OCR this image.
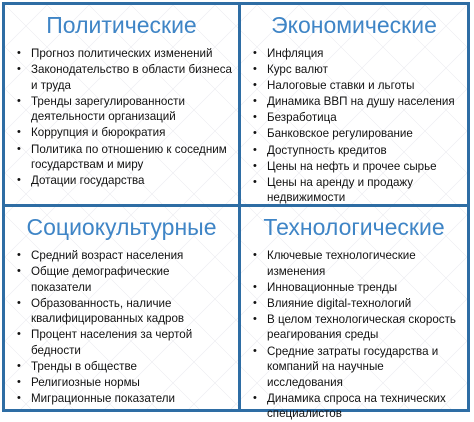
Политические
• Прогноз политических изменений
• Законодательство в области бизнеса и труда
• Тренды зарегулированности деятельности организаций
• Коррупция и бюрократия
• Политика по отношению к соседним государствам и миру
• Дотации государства
Экономические
• Инфляция
• Курс валют
• Налоговые ставки и льготы
• Динамика ВВП на душу населения
• Безработица
• Банковское регулирование
• Доступность кредитов
• Цены на нефть и прочее сырье
• Цены на аренду и продажу недвижимости
Социокультурные
• Средний возраст населения
• Общие демографические показатели
• Образованность, наличие квалифицированных кадров
• Процент населения за чертой бедности
• Тренды в обществе
• Религиозные нормы
• Миграционные показатели
Технологические
• Ключевые технологические изменения
• Инновационные тренды
• Влияние digital-технологий
• В целом технологическая скорость реагирования среды
• Средние затраты государства и компаний на научные исследования
• Динамика спроса на технических специалистов
